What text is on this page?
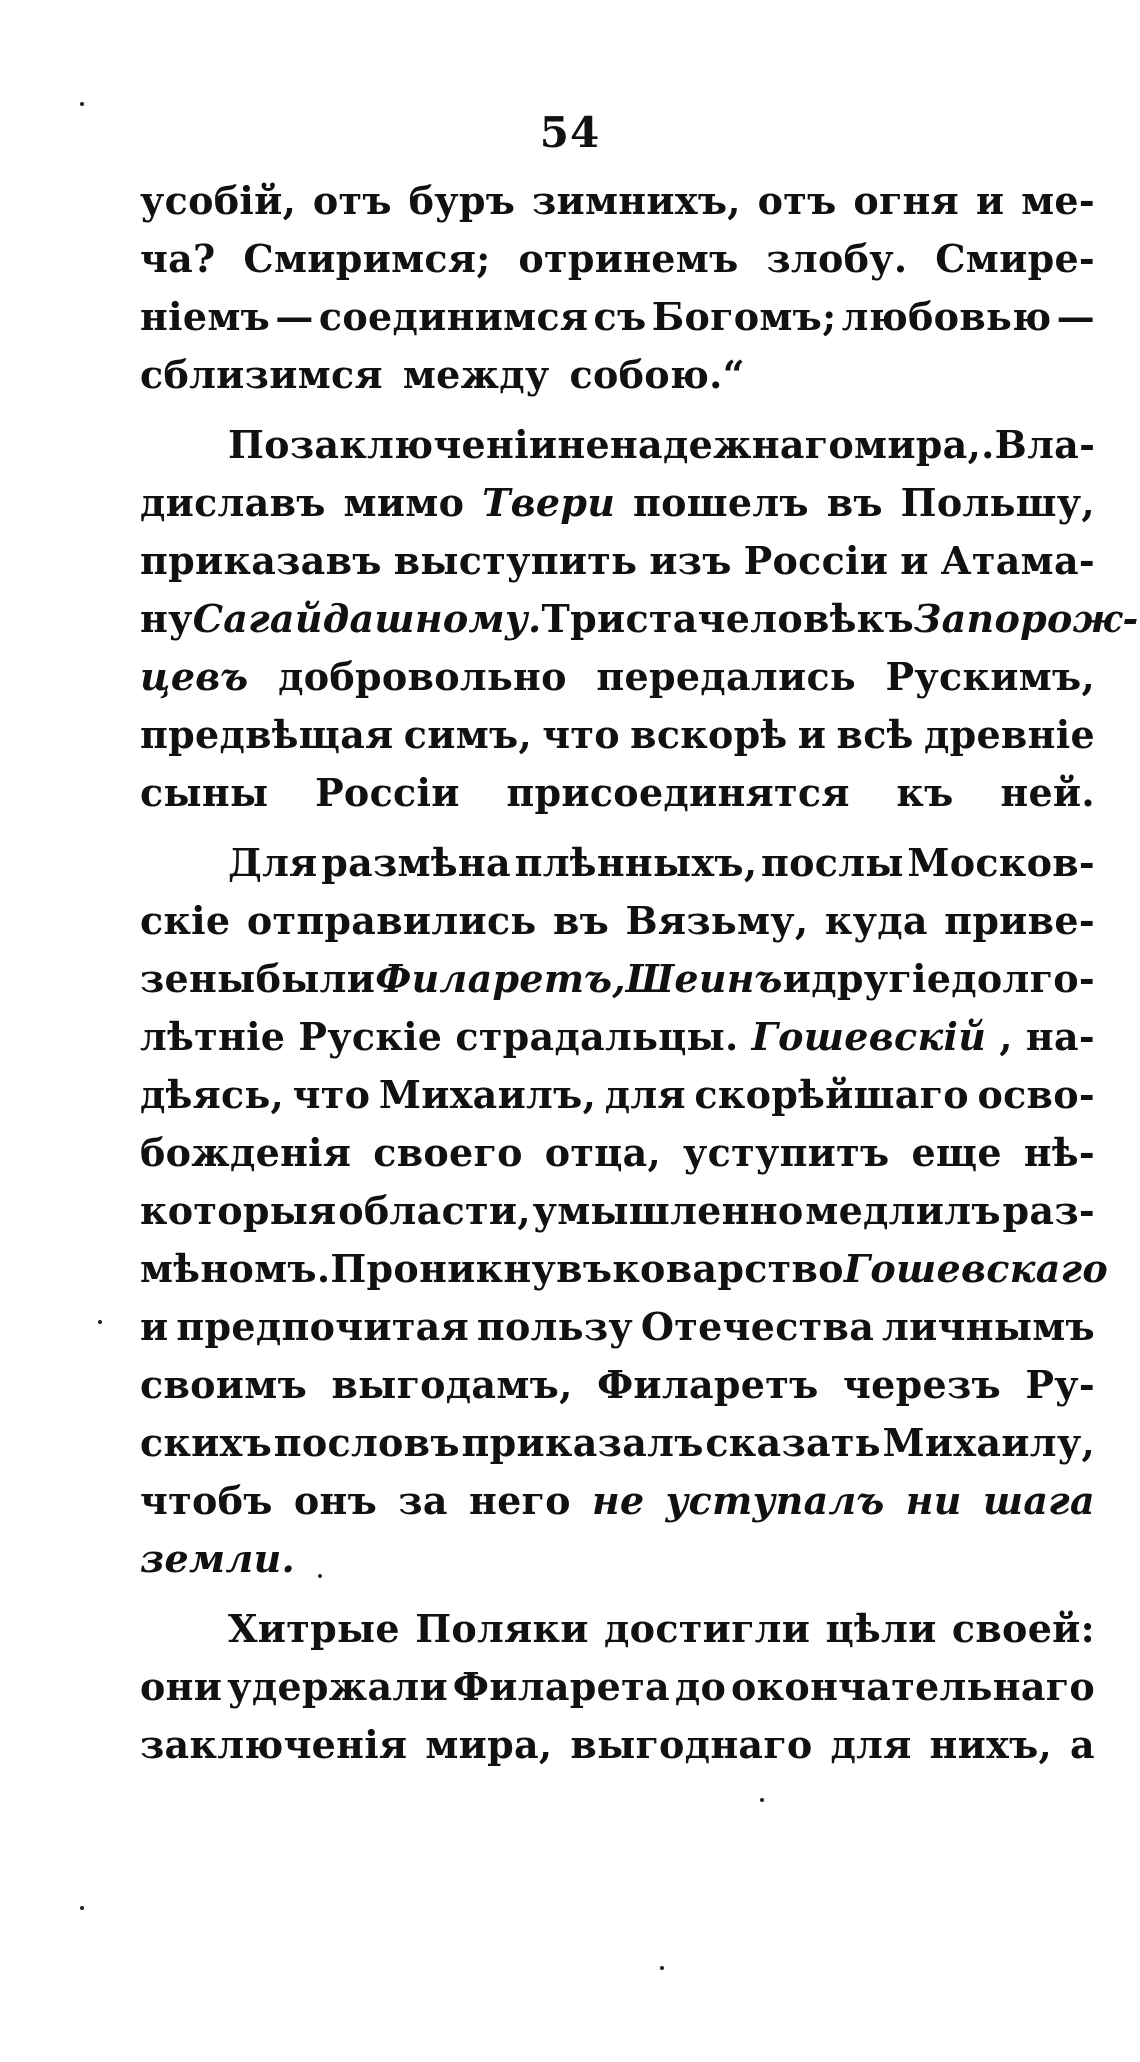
54
усобій, отъ буръ зимнихъ, отъ огня и ме-
ча? Смиримся; отринемъ злобу. Смире-
ніемъ — соединимся съ Богомъ; любовью —
сблизимся между собою.“
По заключеніи ненадежнаго мира,. Вла-
диславъ мимо Твери пошелъ въ Польшу,
приказавъ выступить изъ Россіи и Атама-
ну Сагайдашному. Триста человѣкъ Запорож-
цевъ добровольно передались Рускимъ,
предвѣщая симъ, что вскорѣ и всѣ древніе
сыны Россіи присоединятся къ ней.
Для размѣна плѣнныхъ, послы Москов-
скіе отправились въ Вязьму, куда приве-
зены были Филаретъ, Шеинъ и другіе долго-
лѣтніе Рускіе страдальцы. Гошевскій , на-
дѣясь, что Михаилъ, для скорѣйшаго осво-
божденія своего отца, уступитъ еще нѣ-
которыя области, умышленно медлилъ раз-
мѣномъ. Проникнувъ коварство Гошевскаго
и предпочитая пользу Отечества личнымъ
своимъ выгодамъ, Филаретъ черезъ Ру-
скихъ пословъ приказалъ сказать Михаилу,
чтобъ онъ за него не уступалъ ни шага
земли.
Хитрые Поляки достигли цѣли своей:
они удержали Филарета до окончательнаго
заключенія мира, выгоднаго для нихъ, а
